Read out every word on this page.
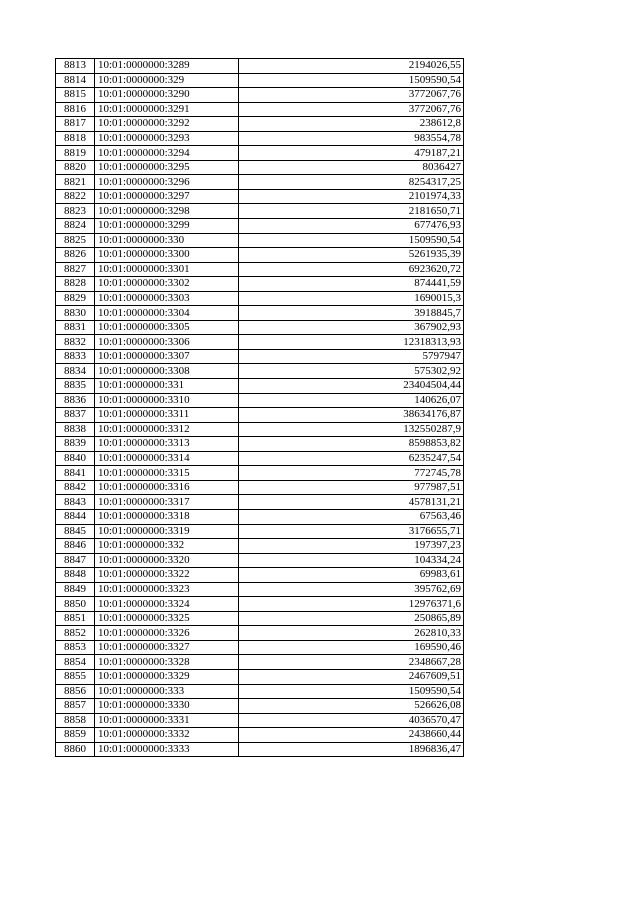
8813	10:01:0000000:3289	2194026,55
8814	10:01:0000000:329	1509590,54
8815	10:01:0000000:3290	3772067,76
8816	10:01:0000000:3291	3772067,76
8817	10:01:0000000:3292	238612,8
8818	10:01:0000000:3293	983554,78
8819	10:01:0000000:3294	479187,21
8820	10:01:0000000:3295	8036427
8821	10:01:0000000:3296	8254317,25
8822	10:01:0000000:3297	2101974,33
8823	10:01:0000000:3298	2181650,71
8824	10:01:0000000:3299	677476,93
8825	10:01:0000000:330	1509590,54
8826	10:01:0000000:3300	5261935,39
8827	10:01:0000000:3301	6923620,72
8828	10:01:0000000:3302	874441,59
8829	10:01:0000000:3303	1690015,3
8830	10:01:0000000:3304	3918845,7
8831	10:01:0000000:3305	367902,93
8832	10:01:0000000:3306	12318313,93
8833	10:01:0000000:3307	5797947
8834	10:01:0000000:3308	575302,92
8835	10:01:0000000:331	23404504,44
8836	10:01:0000000:3310	140626,07
8837	10:01:0000000:3311	38634176,87
8838	10:01:0000000:3312	132550287,9
8839	10:01:0000000:3313	8598853,82
8840	10:01:0000000:3314	6235247,54
8841	10:01:0000000:3315	772745,78
8842	10:01:0000000:3316	977987,51
8843	10:01:0000000:3317	4578131,21
8844	10:01:0000000:3318	67563,46
8845	10:01:0000000:3319	3176655,71
8846	10:01:0000000:332	197397,23
8847	10:01:0000000:3320	104334,24
8848	10:01:0000000:3322	69983,61
8849	10:01:0000000:3323	395762,69
8850	10:01:0000000:3324	12976371,6
8851	10:01:0000000:3325	250865,89
8852	10:01:0000000:3326	262810,33
8853	10:01:0000000:3327	169590,46
8854	10:01:0000000:3328	2348667,28
8855	10:01:0000000:3329	2467609,51
8856	10:01:0000000:333	1509590,54
8857	10:01:0000000:3330	526626,08
8858	10:01:0000000:3331	4036570,47
8859	10:01:0000000:3332	2438660,44
8860	10:01:0000000:3333	1896836,47
